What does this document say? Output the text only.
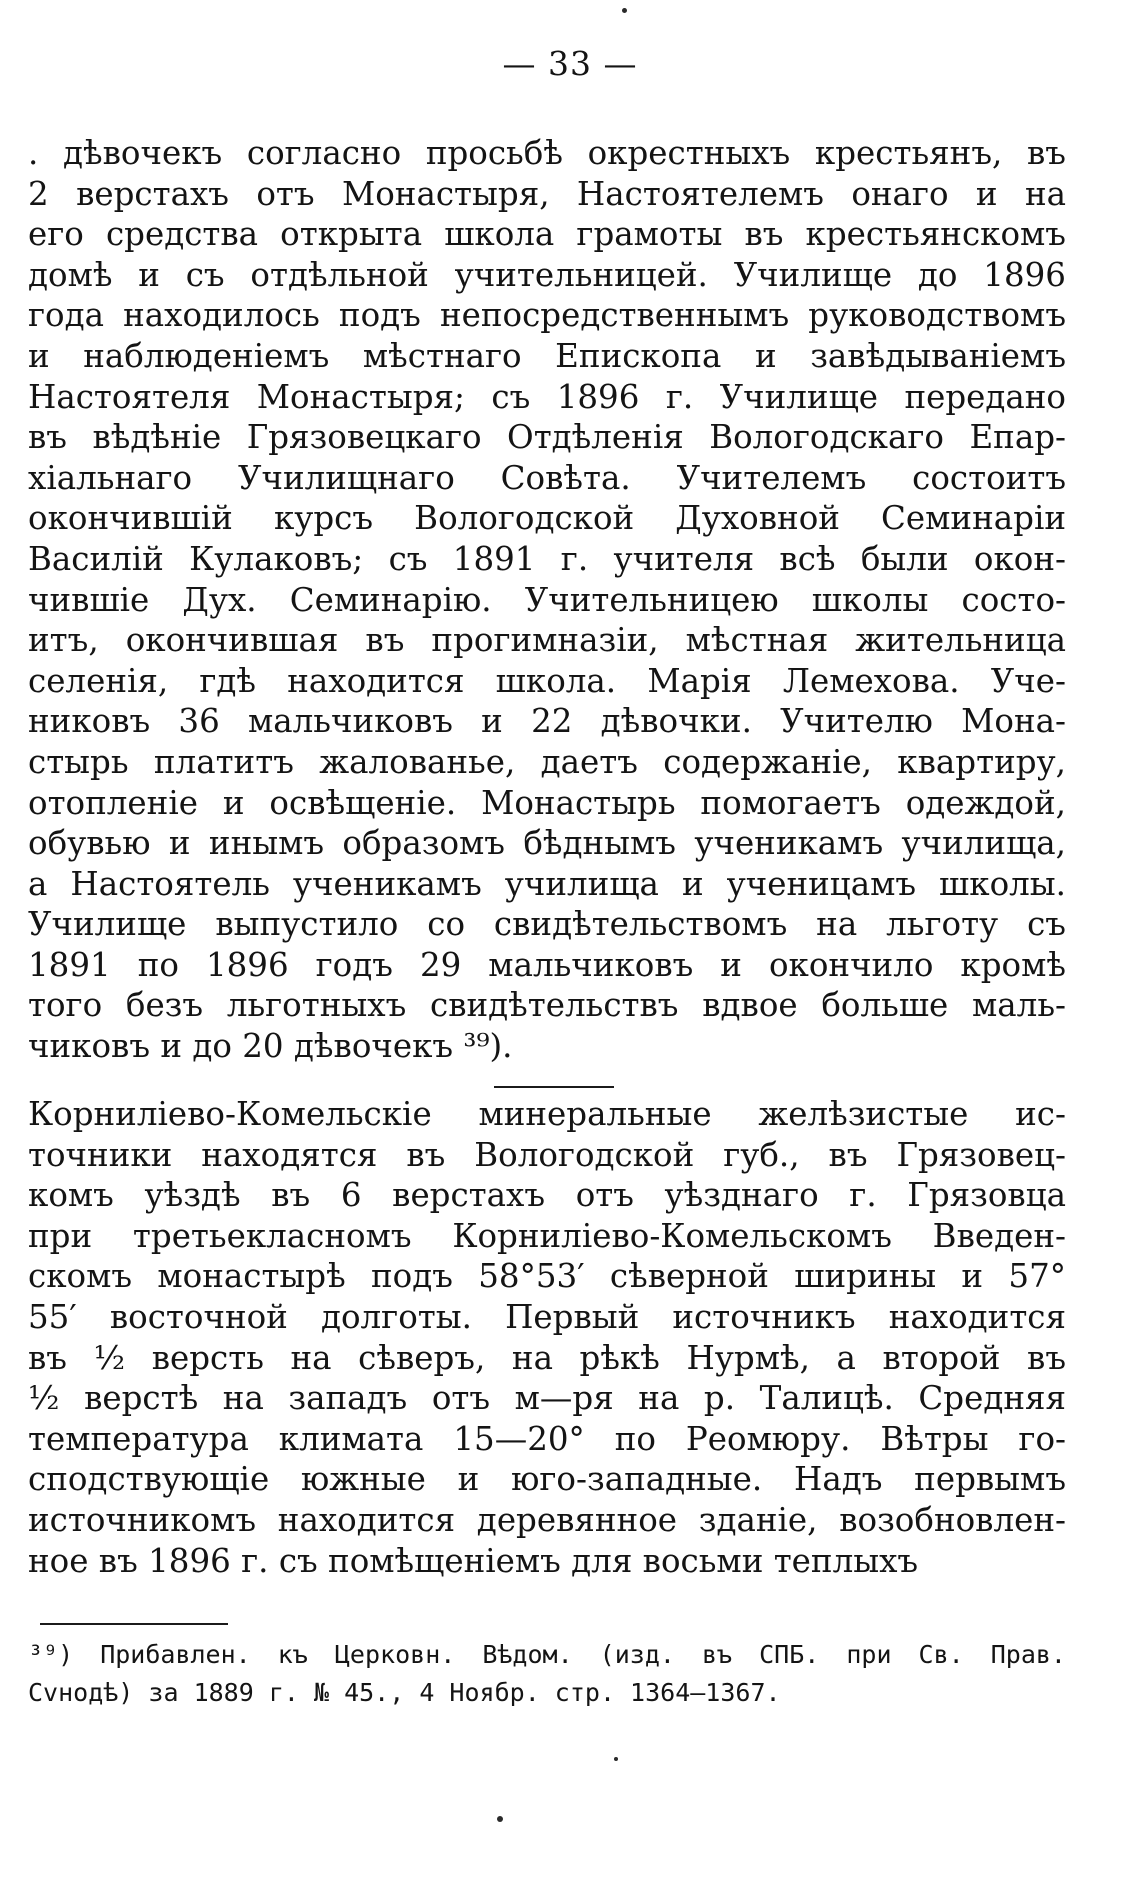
— 33 —
. дѣвочекъ согласно просьбѣ окрестныхъ крестьянъ, въ
2 верстахъ отъ Монастыря, Настоятелемъ онаго и на
его средства открыта школа грамоты въ крестьянскомъ
домѣ и съ отдѣльной учительницей. Училище до 1896
года находилось подъ непосредственнымъ руководствомъ
и наблюденіемъ мѣстнаго Епископа и завѣдываніемъ
Настоятеля Монастыря; съ 1896 г. Училище передано
въ вѣдѣніе Грязовецкаго Отдѣленія Вологодскаго Епар-
хіальнаго Училищнаго Совѣта. Учителемъ состоитъ
окончившій курсъ Вологодской Духовной Семинаріи
Василій Кулаковъ; съ 1891 г. учителя всѣ были окон-
чившіе Дух. Семинарію. Учительницею школы состо-
итъ, окончившая въ прогимназіи, мѣстная жительница
селенія, гдѣ находится школа. Марія Лемехова. Уче-
никовъ 36 мальчиковъ и 22 дѣвочки. Учителю Мона-
стырь платитъ жалованье, даетъ содержаніе, квартиру,
отопленіе и освѣщеніе. Монастырь помогаетъ одеждой,
обувью и инымъ образомъ бѣднымъ ученикамъ училища,
а Настоятель ученикамъ училища и ученицамъ школы.
Училище выпустило со свидѣтельствомъ на льготу съ
1891 по 1896 годъ 29 мальчиковъ и окончило кромѣ
того безъ льготныхъ свидѣтельствъ вдвое больше маль-
чиковъ и до 20 дѣвочекъ ³⁹).
Корниліево-Комельскіе минеральные желѣзистые ис-
точники находятся въ Вологодской губ., въ Грязовец-
комъ уѣздѣ въ 6 верстахъ отъ уѣзднаго г. Грязовца
при третьекласномъ Корниліево-Комельскомъ Введен-
скомъ монастырѣ подъ 58°53′ сѣверной ширины и 57°
55′ восточной долготы. Первый источникъ находится
въ ½ версть на сѣверъ, на рѣкѣ Нурмѣ, а второй въ
½ верстѣ на западъ отъ м—ря на р. Талицѣ. Средняя
температура климата 15—20° по Реомюру. Вѣтры го-
сподствующіе южные и юго-западные. Надъ первымъ
источникомъ находится деревянное зданіе, возобновлен-
ное въ 1896 г. съ помѣщеніемъ для восьми теплыхъ
³⁹) Прибавлен. къ Церковн. Вѣдом. (изд. въ СПБ. при Св. Прав.
Сvнодѣ) за 1889 г. № 45., 4 Ноябр. стр. 1364—1367.
